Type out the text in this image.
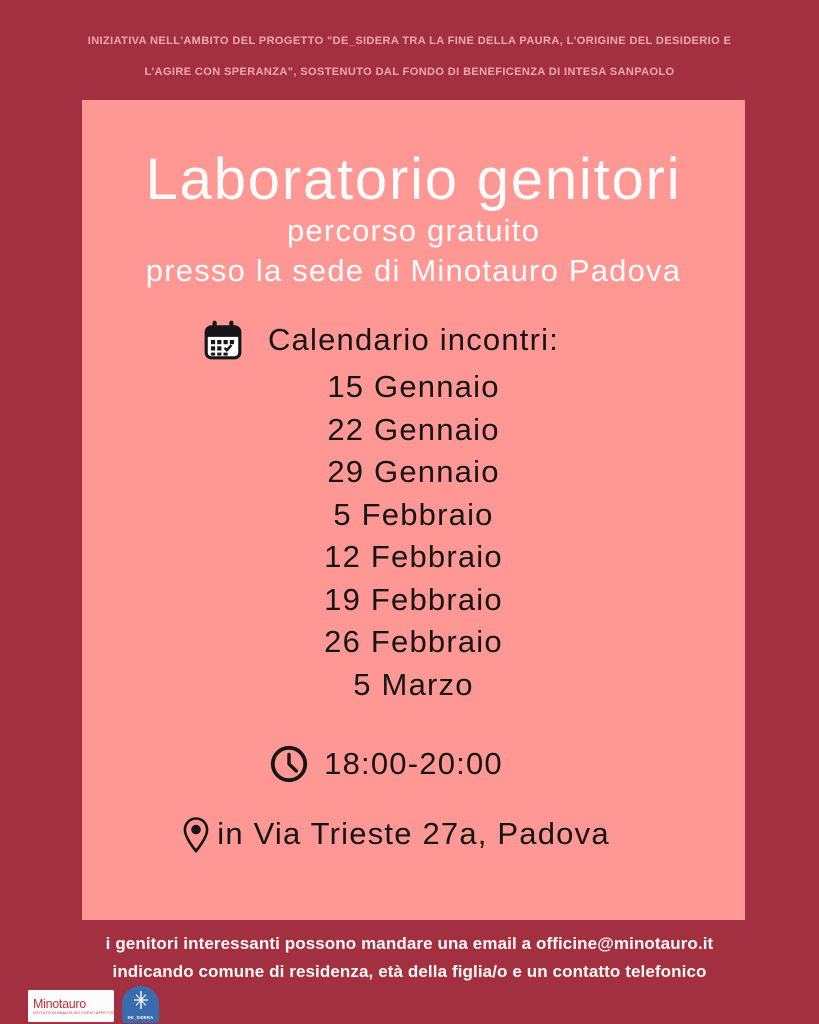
INIZIATIVA NELL'AMBITO DEL PROGETTO "DE_SIDERA TRA LA FINE DELLA PAURA, L'ORIGINE DEL DESIDERIO E
L'AGIRE CON SPERANZA", SOSTENUTO DAL FONDO DI BENEFICENZA DI INTESA SANPAOLO
Laboratorio genitori
percorso gratuito
presso la sede di Minotauro Padova
Calendario incontri:
15 Gennaio
22 Gennaio
29 Gennaio
5 Febbraio
12 Febbraio
19 Febbraio
26 Febbraio
5 Marzo
18:00-20:00
in Via Trieste 27a, Padova
i genitori interessanti possono mandare una email a officine@minotauro.it
indicando comune di residenza, età della figlia/o e un contatto telefonico
Minotauro
ISTITUTO DI ANALISI DEI CODICI AFFETTIVI
DE_SIDERA
